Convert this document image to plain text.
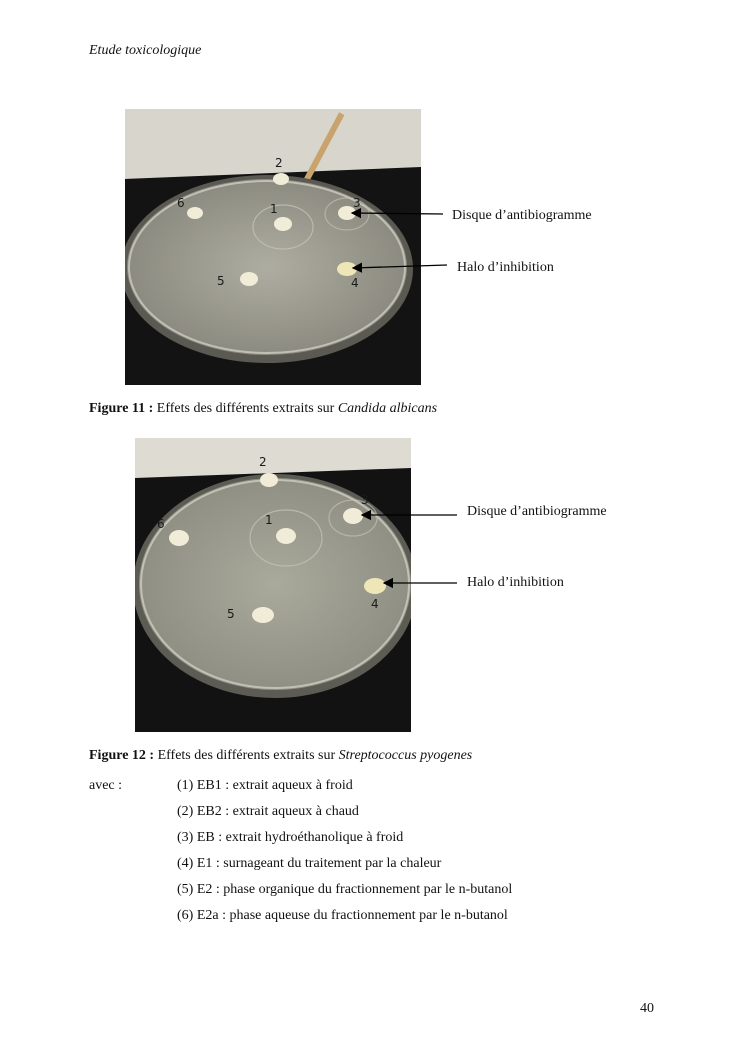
Etude toxicologique
2
6	1	3
4
5
Disque d’antibiogramme
Halo d’inhibition
Figure 11 : Effets des différents extraits sur Candida albicans
2
6	1
3
4
5
Disque d’antibiogramme
Halo d’inhibition
Figure 12 : Effets des différents extraits sur Streptococcus pyogenes
avec :	(1) EB1 : extrait aqueux à froid
(2) EB2 : extrait aqueux à chaud
(3) EB : extrait hydroéthanolique à froid
(4) E1 : surnageant du traitement par la chaleur
(5) E2 : phase organique du fractionnement par le n-butanol
(6) E2a : phase aqueuse du fractionnement par le n-butanol
40
